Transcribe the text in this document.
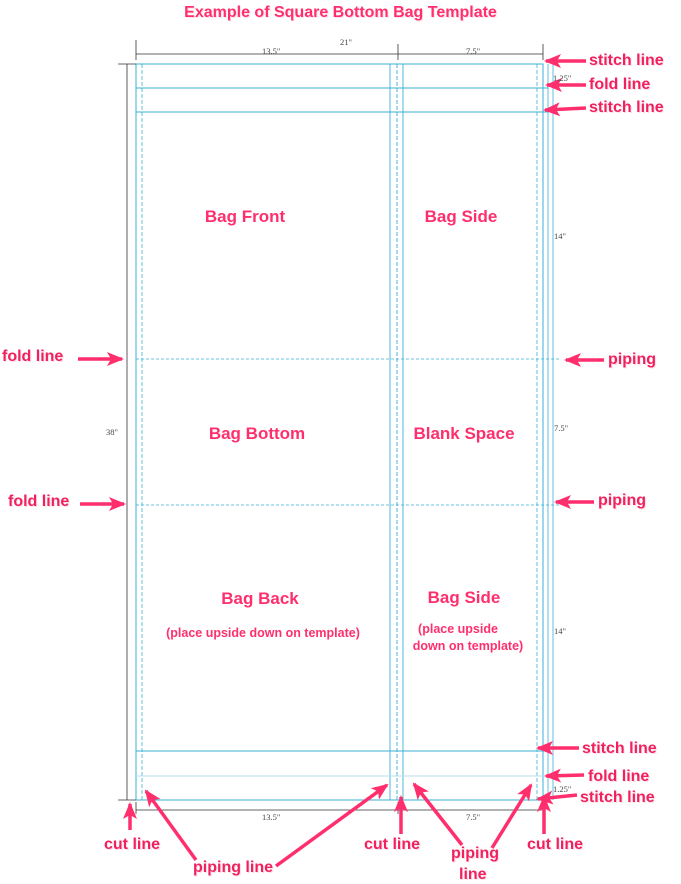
Example of Square Bottom Bag Template
21"
13.5"	7.5"
13.5"	7.5"
38"
1.25"
14"
7.5"
14"
1.25"
Bag Front	Bag Side
Bag Bottom	Blank Space
Bag Back
(place upside down on template)
Bag Side
(place upside
down on template)
stitch line
fold line
stitch line
fold line	piping
fold line	piping
stitch line
fold line
stitch line
cut line
piping line
cut line
piping
line
cut line
